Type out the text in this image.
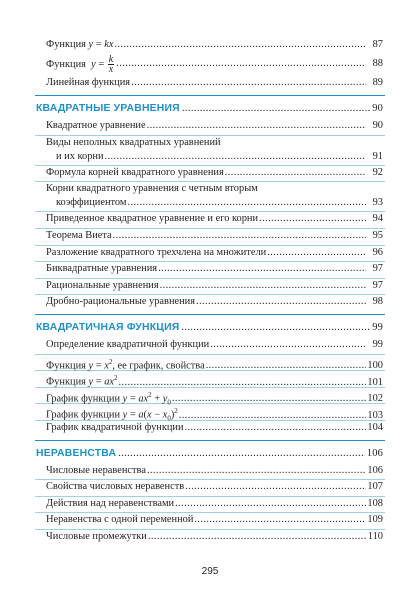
Функция y = kx .....	87
Функция  $y = \frac{k}{x}$ .....	88
Линейная функция .....	89
КВАДРАТНЫЕ УРАВНЕНИЯ .....	90
Квадратное уравнение .....	90
Виды неполных квадратных уравнений
и их корни .....	91
Формула корней квадратного уравнения .....	92
Корни квадратного уравнения с четным вторым
коэффициентом .....	93
Приведенное квадратное уравнение и его корни .....	94
Теорема Виета .....	95
Разложение квадратного трехчлена на множители .....	96
Биквадратные уравнения .....	97
Рациональные уравнения .....	97
Дробно-рациональные уравнения .....	98
КВАДРАТИЧНАЯ ФУНКЦИЯ .....	99
Определение квадратичной функции .....	99
Функция $y = x^2$, ее график, свойства .....	100
Функция $y = ax^2$ .....	101
График функции $y = ax^2 + y_0$ .....	102
График функции $y = a(x - x_0)^2$ .....	103
График квадратичной функции .....	104
НЕРАВЕНСТВА .....	106
Числовые неравенства .....	106
Свойства числовых неравенств .....	107
Действия над неравенствами .....	108
Неравенства с одной переменной .....	109
Числовые промежутки .....	110
295
